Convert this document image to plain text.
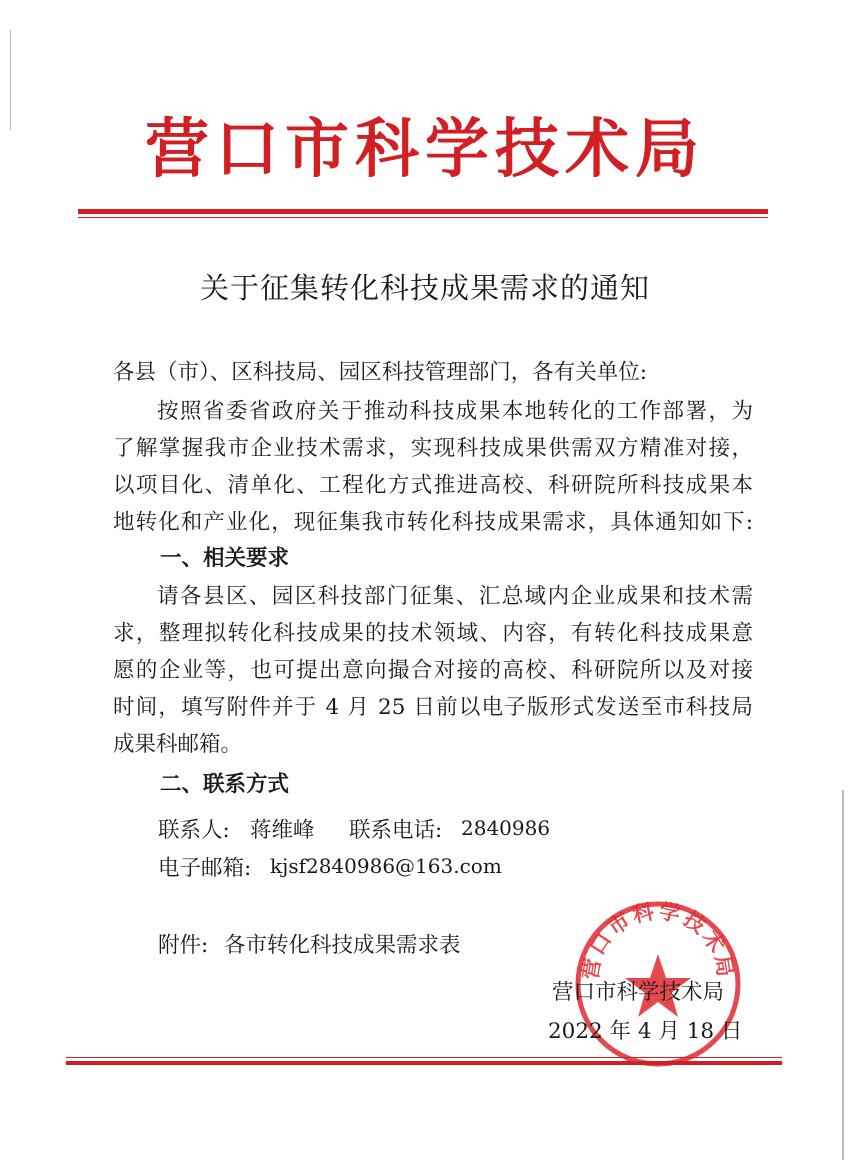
营口市科学技术局
关于征集转化科技成果需求的通知
各县（市）、区科技局、园区科技管理部门，各有关单位:
按照省委省政府关于推动科技成果本地转化的工作部署，为
了解掌握我市企业技术需求，实现科技成果供需双方精准对接，
以项目化、清单化、工程化方式推进高校、科研院所科技成果本
地转化和产业化，现征集我市转化科技成果需求，具体通知如下:
一、相关要求
请各县区、园区科技部门征集、汇总域内企业成果和技术需
求，整理拟转化科技成果的技术领域、内容，有转化科技成果意
愿的企业等，也可提出意向撮合对接的高校、科研院所以及对接
时间，填写附件并于 4 月 25 日前以电子版形式发送至市科技局
成果科邮箱。
二、联系方式
联系人: 蒋维峰 联系电话: 2840986
电子邮箱: kjsf2840986@163.com
附件: 各市转化科技成果需求表
营口市科学技术局
营口市科学技术局
2022 年 4 月 18 日
